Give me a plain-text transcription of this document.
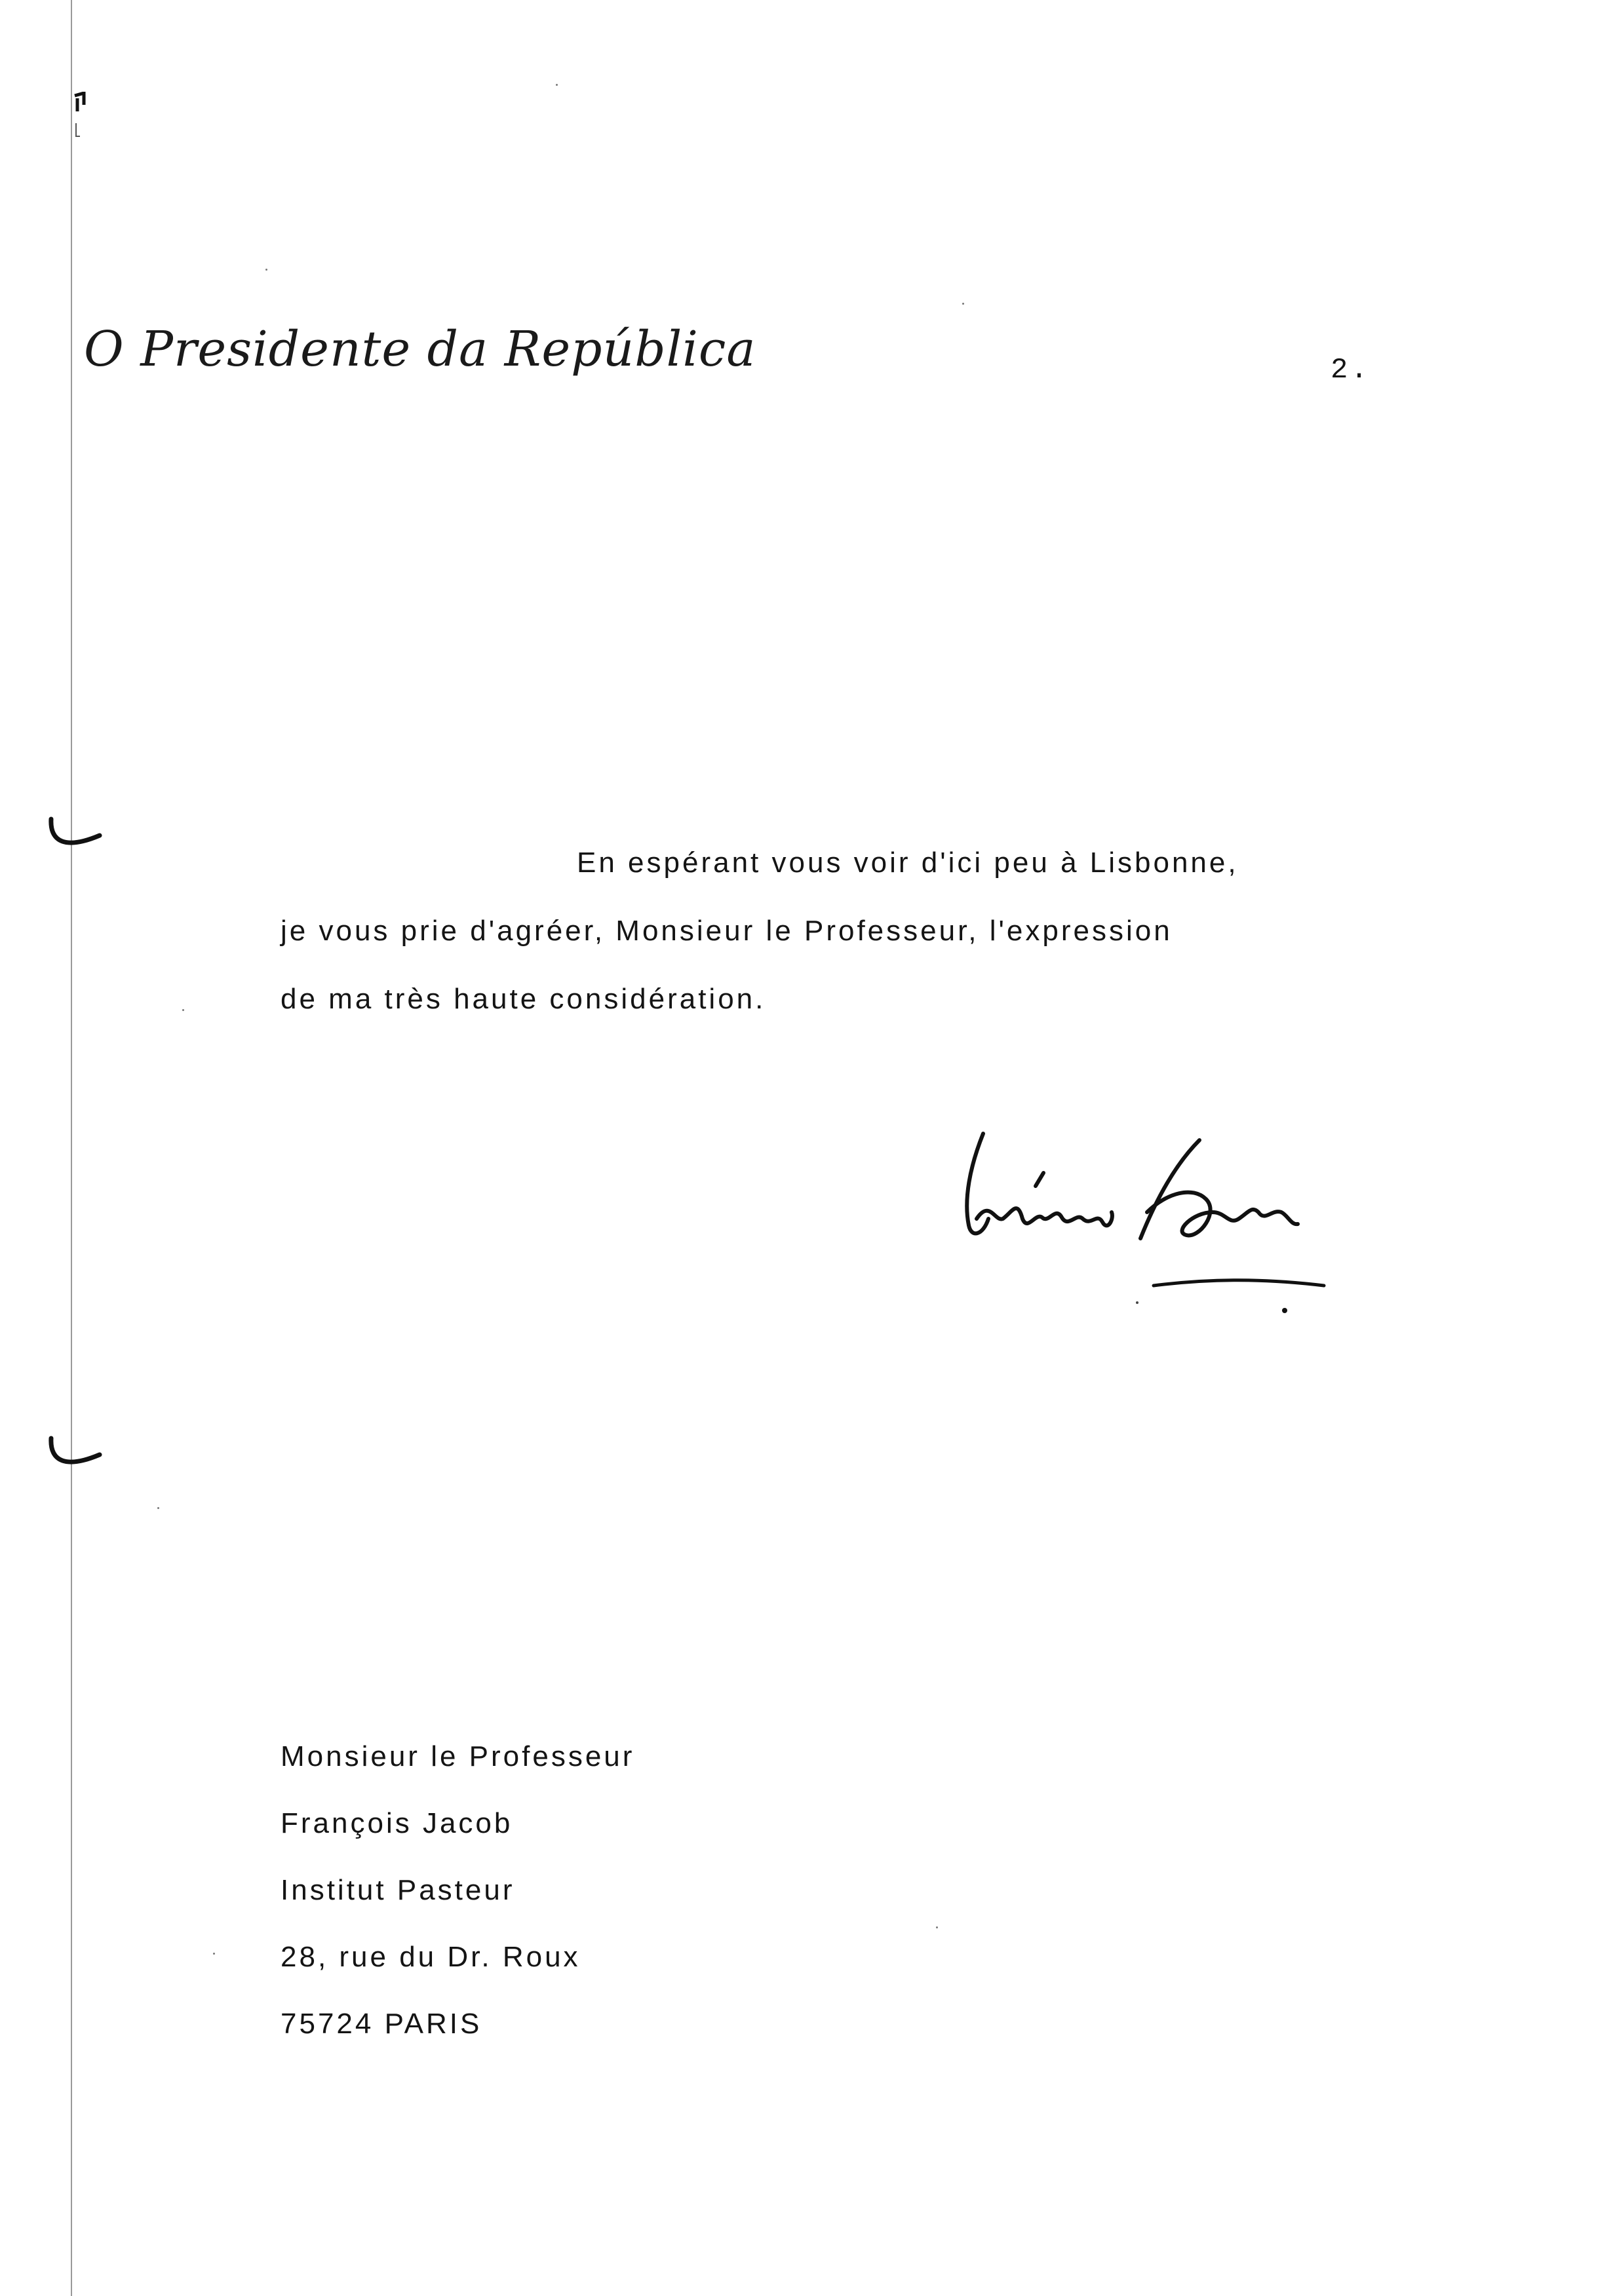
O Presidente da República	2.
En espérant vous voir d'ici peu à Lisbonne,
je vous prie d'agréer, Monsieur le Professeur, l'expression
de ma très haute considération.
Monsieur le Professeur
François Jacob
Institut Pasteur
28, rue du Dr. Roux
75724 PARIS
